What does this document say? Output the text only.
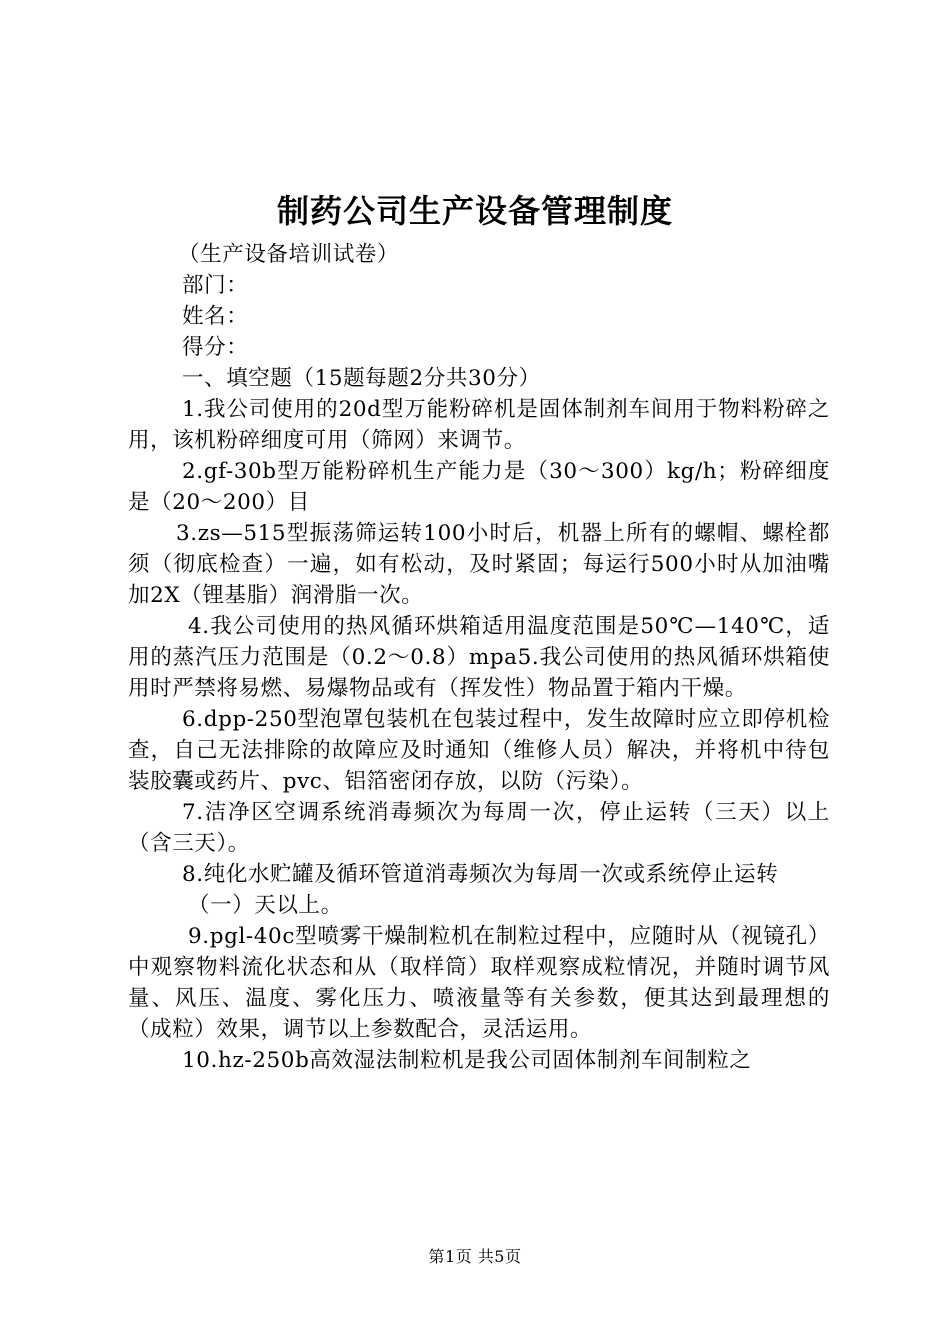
制药公司生产设备管理制度

（生产设备培训试卷）

部门：

姓名：

得分：

一、填空题（15题每题2分共30分）

1.我公司使用的20d型万能粉碎机是固体制剂车间用于物料粉碎之用，该机粉碎细度可用（筛网）来调节。

2.gf-30b型万能粉碎机生产能力是（30～300）kg/h；粉碎细度是（20～200）目

3.zs—515型振荡筛运转100小时后，机器上所有的螺帽、螺栓都须（彻底检查）一遍，如有松动，及时紧固；每运行500小时从加油嘴加2X（锂基脂）润滑脂一次。

4.我公司使用的热风循环烘箱适用温度范围是50℃—140℃，适用的蒸汽压力范围是（0.2～0.8）mpa5.我公司使用的热风循环烘箱使用时严禁将易燃、易爆物品或有（挥发性）物品置于箱内干燥。

6.dpp-250型泡罩包装机在包装过程中，发生故障时应立即停机检查，自己无法排除的故障应及时通知（维修人员）解决，并将机中待包装胶囊或药片、pvc、铝箔密闭存放，以防（污染）。

7.洁净区空调系统消毒频次为每周一次，停止运转（三天）以上（含三天）。

8.纯化水贮罐及循环管道消毒频次为每周一次或系统停止运转

（一）天以上。

9.pgl-40c型喷雾干燥制粒机在制粒过程中，应随时从（视镜孔）中观察物料流化状态和从（取样筒）取样观察成粒情况，并随时调节风量、风压、温度、雾化压力、喷液量等有关参数，便其达到最理想的（成粒）效果，调节以上参数配合，灵活运用。

10.hz-250b高效湿法制粒机是我公司固体制剂车间制粒之

第1页 共5页
